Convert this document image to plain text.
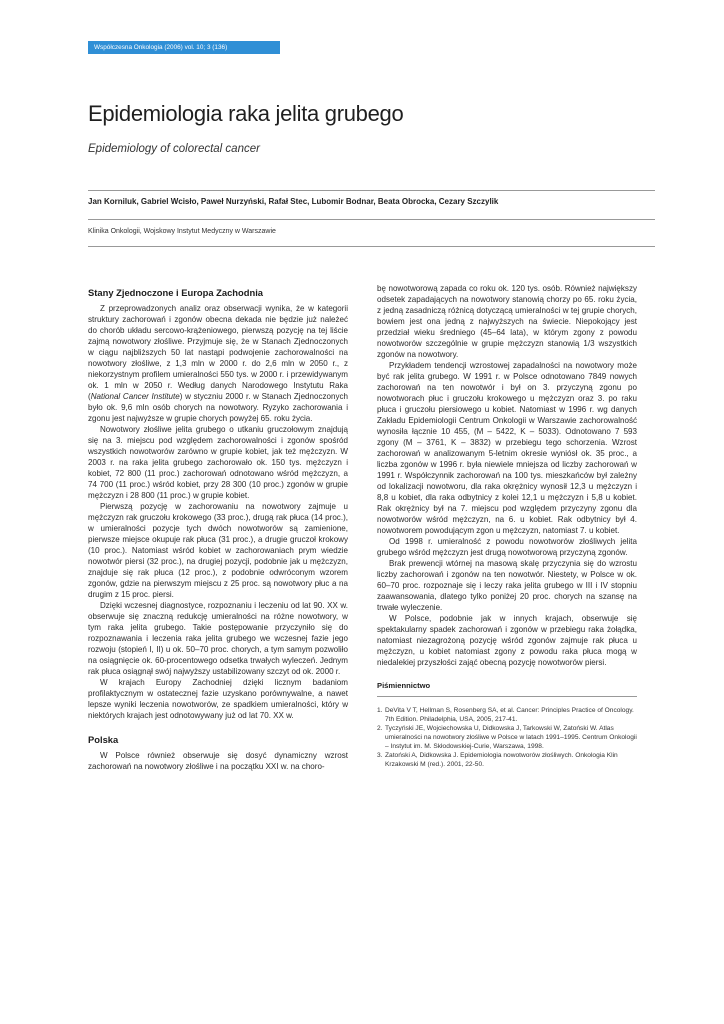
Współczesna Onkologia (2006) vol. 10; 3 (136)
Epidemiologia raka jelita grubego

Epidemiology of colorectal cancer

Jan Korniluk, Gabriel Wcisło, Paweł Nurzyński, Rafał Stec, Lubomir Bodnar, Beata Obrocka, Cezary Szczylik
Klinika Onkologii, Wojskowy Instytut Medyczny w Warszawie
Stany Zjednoczone i Europa Zachodnia

Z przeprowadzonych analiz oraz obserwacji wynika, że w kategorii struktury zachorowań i zgonów obecna dekada nie będzie już należeć do chorób układu sercowo-krążeniowego, pierwszą pozycję na tej liście zajmą nowotwory złośliwe. Przyjmuje się, że w Stanach Zjednoczonych w ciągu najbliższych 50 lat nastąpi podwojenie zachorowalności na nowotwory złośliwe, z 1,3 mln w 2000 r. do 2,6 mln w 2050 r., z niekorzystnym profilem umieralności 550 tys. w 2000 r. i przewidywanym ok. 1 mln w 2050 r. Według danych Narodowego Instytutu Raka (National Cancer Institute) w styczniu 2000 r. w Stanach Zjednoczonych było ok. 9,6 mln osób chorych na nowotwory. Ryzyko zachorowania i zgonu jest najwyższe w grupie chorych powyżej 65. roku życia.

Nowotwory złośliwe jelita grubego o utkaniu gruczołowym znajdują się na 3. miejscu pod względem zachorowalności i zgonów spośród wszystkich nowotworów zarówno w grupie kobiet, jak też mężczyzn. W 2003 r. na raka jelita grubego zachorowało ok. 150 tys. mężczyzn i kobiet, 72 800 (11 proc.) zachorowań odnotowano wśród mężczyzn, a 74 700 (11 proc.) wśród kobiet, przy 28 300 (10 proc.) zgonów w grupie mężczyzn i 28 800 (11 proc.) w grupie kobiet.

Pierwszą pozycję w zachorowaniu na nowotwory zajmuje u mężczyzn rak gruczołu krokowego (33 proc.), drugą rak płuca (14 proc.), w umieralności pozycje tych dwóch nowotworów są zamienione, pierwsze miejsce okupuje rak płuca (31 proc.), a drugie gruczoł krokowy (10 proc.). Natomiast wśród kobiet w zachorowaniach prym wiedzie nowotwór piersi (32 proc.), na drugiej pozycji, podobnie jak u mężczyzn, znajduje się rak płuca (12 proc.), z podobnie odwróconym wzorem zgonów, gdzie na pierwszym miejscu z 25 proc. są nowotwory płuc a na drugim z 15 proc. piersi.

Dzięki wczesnej diagnostyce, rozpoznaniu i leczeniu od lat 90. XX w. obserwuje się znaczną redukcję umieralności na różne nowotwory, w tym raka jelita grubego. Takie postępowanie przyczyniło się do rozpoznawania i leczenia raka jelita grubego we wczesnej fazie jego rozwoju (stopień I, II) u ok. 50–70 proc. chorych, a tym samym pozwoliło na osiągnięcie ok. 60-procentowego odsetka trwałych wyleczeń. Jednym rak płuca osiągnął swój najwyższy ustabilizowany szczyt od ok. 2000 r.

W krajach Europy Zachodniej dzięki licznym badaniom profilaktycznym w ostatecznej fazie uzyskano porównywalne, a nawet lepsze wyniki leczenia nowotworów, ze spadkiem umieralności, który w niektórych krajach jest odnotowywany już od lat 70. XX w.

Polska

W Polsce również obserwuje się dosyć dynamiczny wzrost zachorowań na nowotwory złośliwe i na początku XXI w. na choro-

bę nowotworową zapada co roku ok. 120 tys. osób. Również największy odsetek zapadających na nowotwory stanowią chorzy po 65. roku życia, z jedną zasadniczą różnicą dotyczącą umieralności w tej grupie chorych, bowiem jest ona jedną z najwyższych na świecie. Niepokojący jest przedział wieku średniego (45–64 lata), w którym zgony z powodu nowotworów szczególnie w grupie mężczyzn stanowią 1/3 wszystkich zgonów na nowotwory.

Przykładem tendencji wzrostowej zapadalności na nowotwory może być rak jelita grubego. W 1991 r. w Polsce odnotowano 7849 nowych zachorowań na ten nowotwór i był on 3. przyczyną zgonu po nowotworach płuc i gruczołu krokowego u mężczyzn oraz 3. po raku płuca i gruczołu piersiowego u kobiet. Natomiast w 1996 r. wg danych Zakładu Epidemiologii Centrum Onkologii w Warszawie zachorowalność wynosiła łącznie 10 455, (M – 5422, K – 5033). Odnotowano 7 593 zgony (M – 3761, K – 3832) w przebiegu tego schorzenia. Wzrost zachorowań w analizowanym 5-letnim okresie wyniósł ok. 35 proc., a liczba zgonów w 1996 r. była niewiele mniejsza od liczby zachorowań w 1991 r. Współczynnik zachorowań na 100 tys. mieszkańców był zależny od lokalizacji nowotworu, dla raka okrężnicy wynosił 12,3 u mężczyzn i 8,8 u kobiet, dla raka odbytnicy z kolei 12,1 u mężczyzn i 5,8 u kobiet. Rak okrężnicy był na 7. miejscu pod względem przyczyny zgonu dla nowotworów wśród mężczyzn, na 6. u kobiet. Rak odbytnicy był 4. nowotworem powodującym zgon u mężczyzn, natomiast 7. u kobiet.

Od 1998 r. umieralność z powodu nowotworów złośliwych jelita grubego wśród mężczyzn jest drugą nowotworową przyczyną zgonów.

Brak prewencji wtórnej na masową skalę przyczynia się do wzrostu liczby zachorowań i zgonów na ten nowotwór. Niestety, w Polsce w ok. 60–70 proc. rozpoznaje się i leczy raka jelita grubego w III i IV stopniu zaawansowania, dlatego tylko poniżej 20 proc. chorych na szansę na trwałe wyleczenie.

W Polsce, podobnie jak w innych krajach, obserwuje się spektakularny spadek zachorowań i zgonów w przebiegu raka żołądka, natomiast niezagrożoną pozycję wśród zgonów zajmuje rak płuca u mężczyzn, u kobiet natomiast zgony z powodu raka płuca mogą w niedalekiej przyszłości zająć obecną pozycję nowotworów piersi.

Piśmiennictwo
1. DeVita V T, Hellman S, Rosenberg SA, et al. Cancer: Principles Practice of Oncology. 7th Edition. Philadelphia, USA, 2005, 217-41.
2. Tyczyński JE, Wojciechowska U, Didkowska J, Tarkowski W, Zatoński W. Atlas umieralności na nowotwory złośliwe w Polsce w latach 1991–1995. Centrum Onkologii – Instytut im. M. Skłodowskiej-Curie, Warszawa, 1998.
3. Zatoński A, Didkowska J. Epidemiologia nowotworów złośliwych. Onkologia Klin Krzakowski M (red.). 2001, 22-50.
